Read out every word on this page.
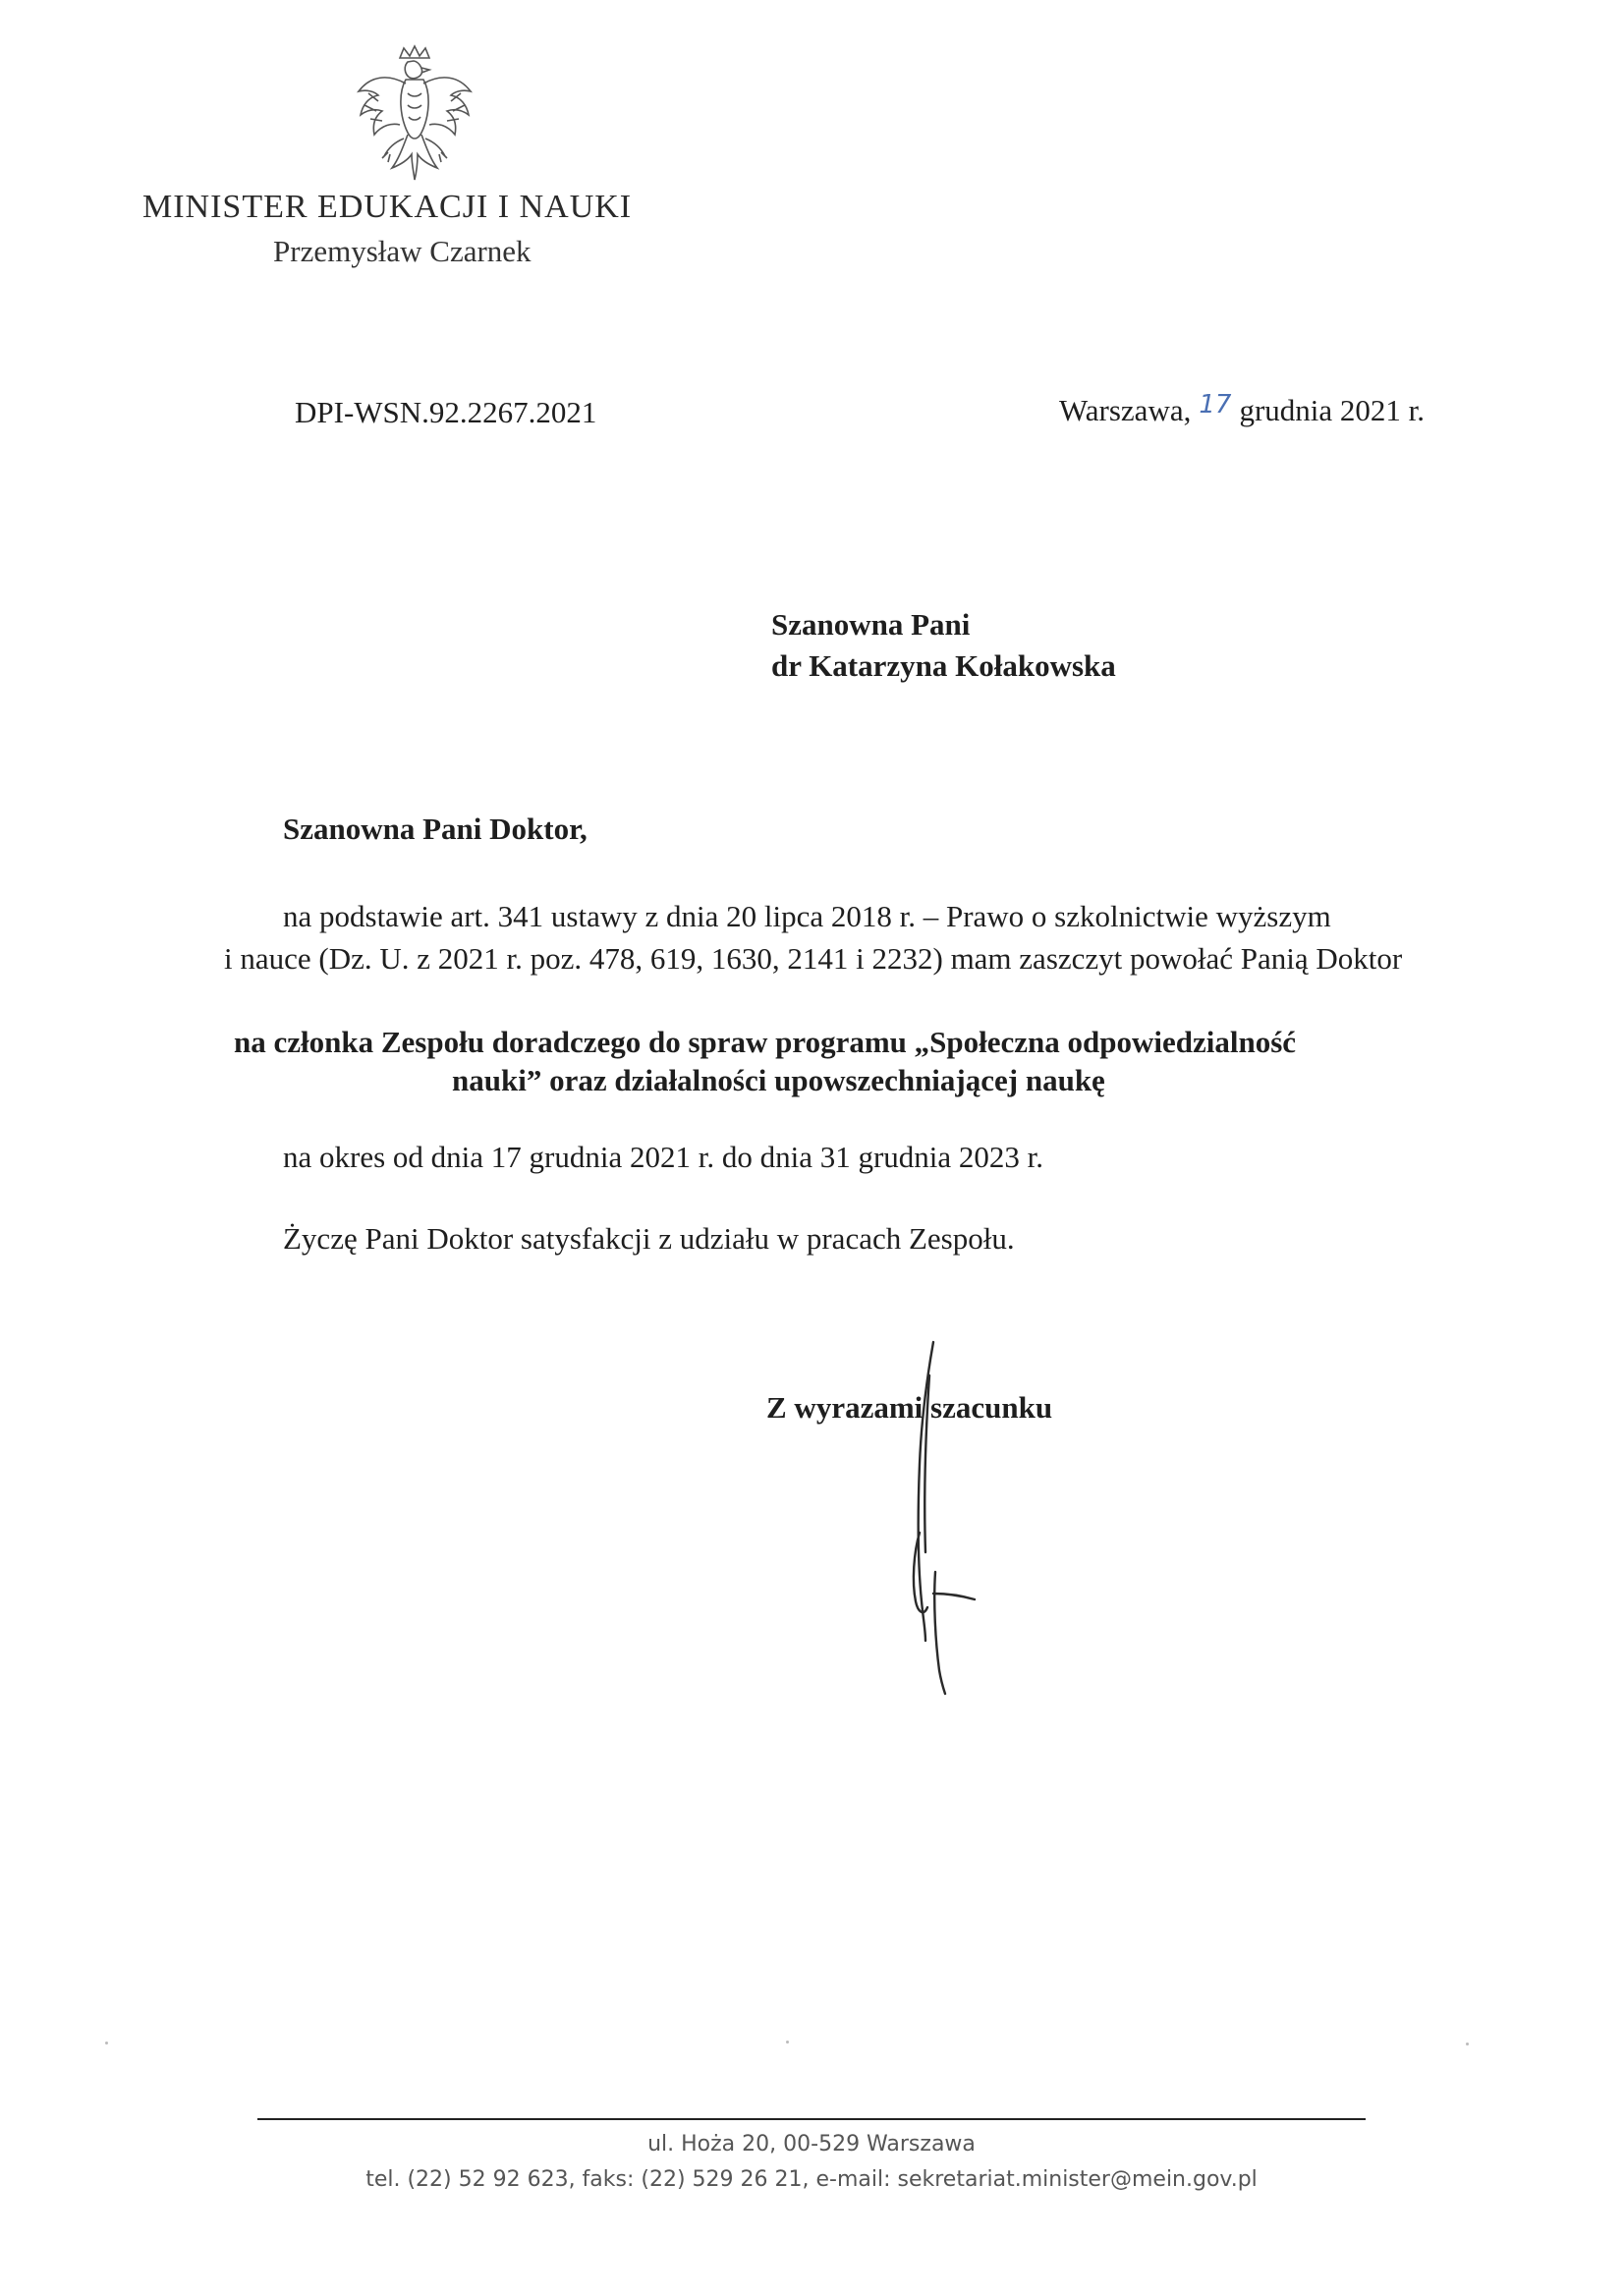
MINISTER EDUKACJI I NAUKI
Przemysław Czarnek
DPI-WSN.92.2267.2021	Warszawa, $^{17}$ grudnia 2021 r.
Szanowna Pani
dr Katarzyna Kołakowska
Szanowna Pani Doktor,
na podstawie art. 341 ustawy z dnia 20 lipca 2018 r. – Prawo o szkolnictwie wyższym
i nauce (Dz. U. z 2021 r. poz. 478, 619, 1630, 2141 i 2232) mam zaszczyt powołać Panią Doktor
na członka Zespołu doradczego do spraw programu „Społeczna odpowiedzialność
nauki” oraz działalności upowszechniającej naukę
na okres od dnia 17 grudnia 2021 r. do dnia 31 grudnia 2023 r.
Życzę Pani Doktor satysfakcji z udziału w pracach Zespołu.
Z wyrazami szacunku
ul. Hoża 20, 00-529 Warszawa
tel. (22) 52 92 623, faks: (22) 529 26 21, e-mail: sekretariat.minister@mein.gov.pl
